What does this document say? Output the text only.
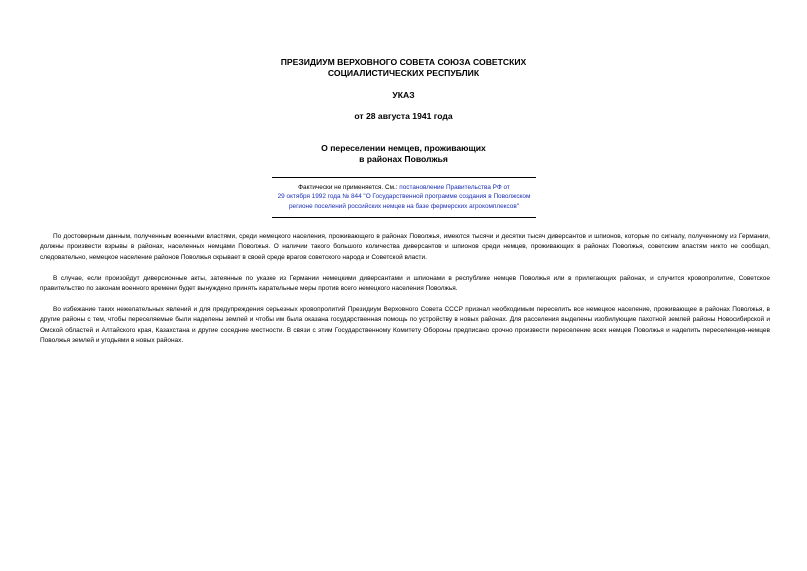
ПРЕЗИДИУМ ВЕРХОВНОГО СОВЕТА СОЮЗА СОВЕТСКИХ
СОЦИАЛИСТИЧЕСКИХ РЕСПУБЛИК
УКАЗ
от 28 августа 1941 года
О переселении немцев, проживающих
в районах Поволжья
Фактически не применяется. См.: постановление Правительства РФ от
29 октября 1992 года № 844 "О Государственной программе создания в Поволжском
регионе поселений российских немцев на базе фермерских агрокомплексов"

По достоверным данным, полученным военными властями, среди немецкого населения, проживающего в районах Поволжья, имеются тысячи и десятки тысяч диверсантов и шпионов, которые по сигналу, полученному из Германии, должны произвести взрывы в районах, населенных немцами Поволжья. О наличии такого большого количества диверсантов и шпионов среди немцев, проживающих в районах Поволжья, советским властям никто не сообщал, следовательно, немецкое население районов Поволжья скрывает в своей среде врагов советского народа и Советской власти.

В случае, если произойдут диверсионные акты, затеянные по указке из Германии немецкими диверсантами и шпионами в республике немцев Поволжья или в прилегающих районах, и случится кровопролитие, Советское правительство по законам военного времени будет вынуждено принять карательные меры против всего немецкого населения Поволжья.

Во избежание таких нежелательных явлений и для предупреждения серьезных кровопролитий Президиум Верховного Совета СССР признал необходимым переселить все немецкое население, проживающее в районах Поволжья, в другие районы с тем, чтобы переселяемые были наделены землей и чтобы им была оказана государственная помощь по устройству в новых районах. Для расселения выделены изобилующие пахотной землей районы Новосибирской и Омской областей и Алтайского края, Казахстана и другие соседние местности. В связи с этим Государственному Комитету Обороны предписано срочно произвести переселение всех немцев Поволжья и наделить переселенцев-немцев Поволжья землей и угодьями в новых районах.
